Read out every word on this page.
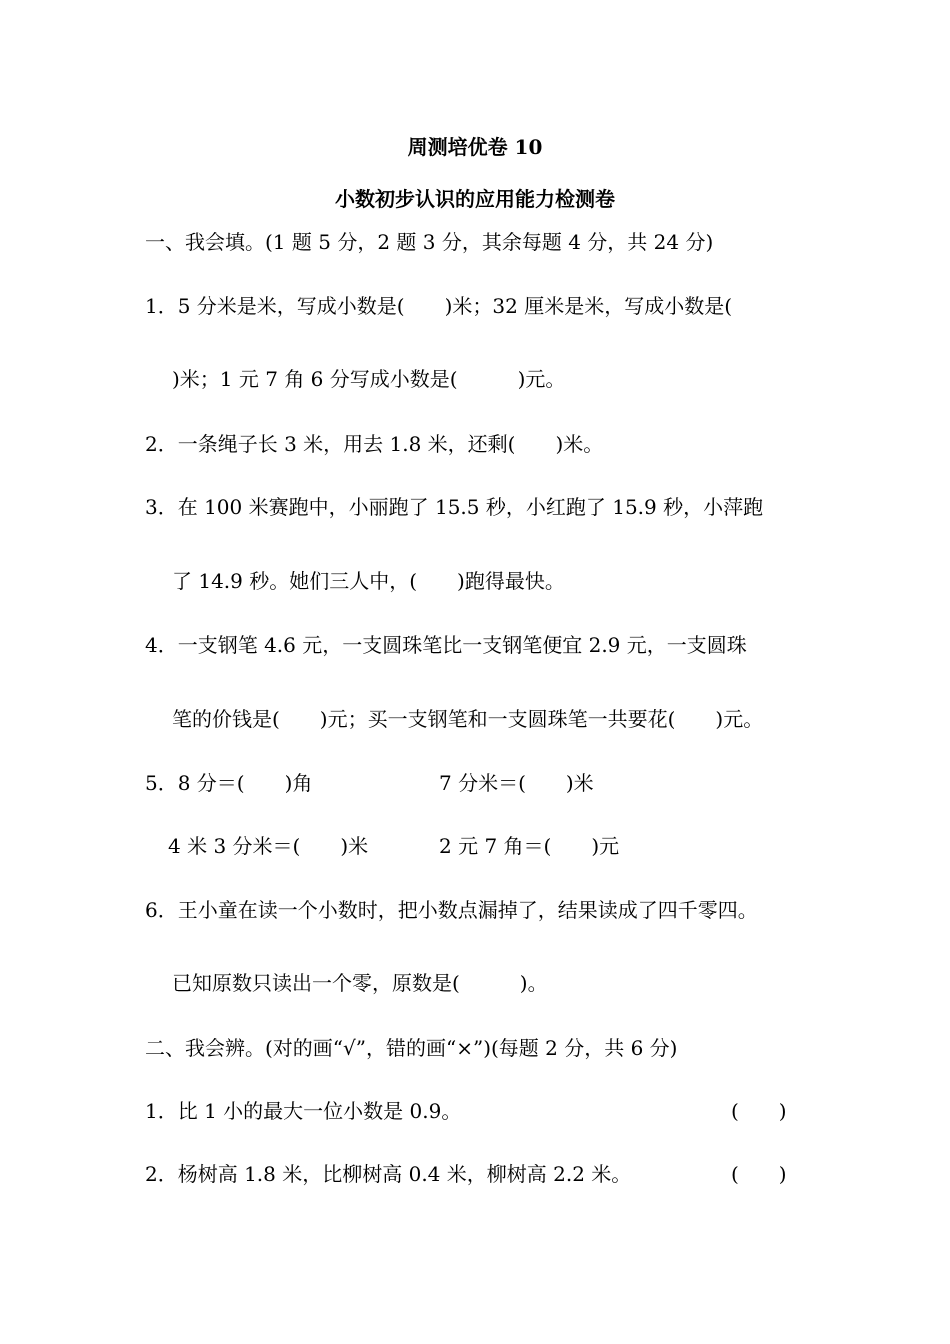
周测培优卷 10
小数初步认识的应用能力检测卷
一、我会填。(1 题 5 分，2 题 3 分，其余每题 4 分，共 24 分)
1．5 分米是米，写成小数是(　　)米；32 厘米是米，写成小数是(
)米；1 元 7 角 6 分写成小数是(　　　)元。
2．一条绳子长 3 米，用去 1.8 米，还剩(　　)米。
3．在 100 米赛跑中，小丽跑了 15.5 秒，小红跑了 15.9 秒，小萍跑
了 14.9 秒。她们三人中，(　　)跑得最快。
4．一支钢笔 4.6 元，一支圆珠笔比一支钢笔便宜 2.9 元，一支圆珠
笔的价钱是(　　)元；买一支钢笔和一支圆珠笔一共要花(　　)元。
5．8 分＝(　　)角	7 分米＝(　　)米
4 米 3 分米＝(　　)米	2 元 7 角＝(　　)元
6．王小童在读一个小数时，把小数点漏掉了，结果读成了四千零四。
已知原数只读出一个零，原数是(　　　)。
二、我会辨。(对的画“√”，错的画“×”)(每题 2 分，共 6 分)
1．比 1 小的最大一位小数是 0.9。	(　　)
2．杨树高 1.8 米，比柳树高 0.4 米，柳树高 2.2 米。	(　　)
